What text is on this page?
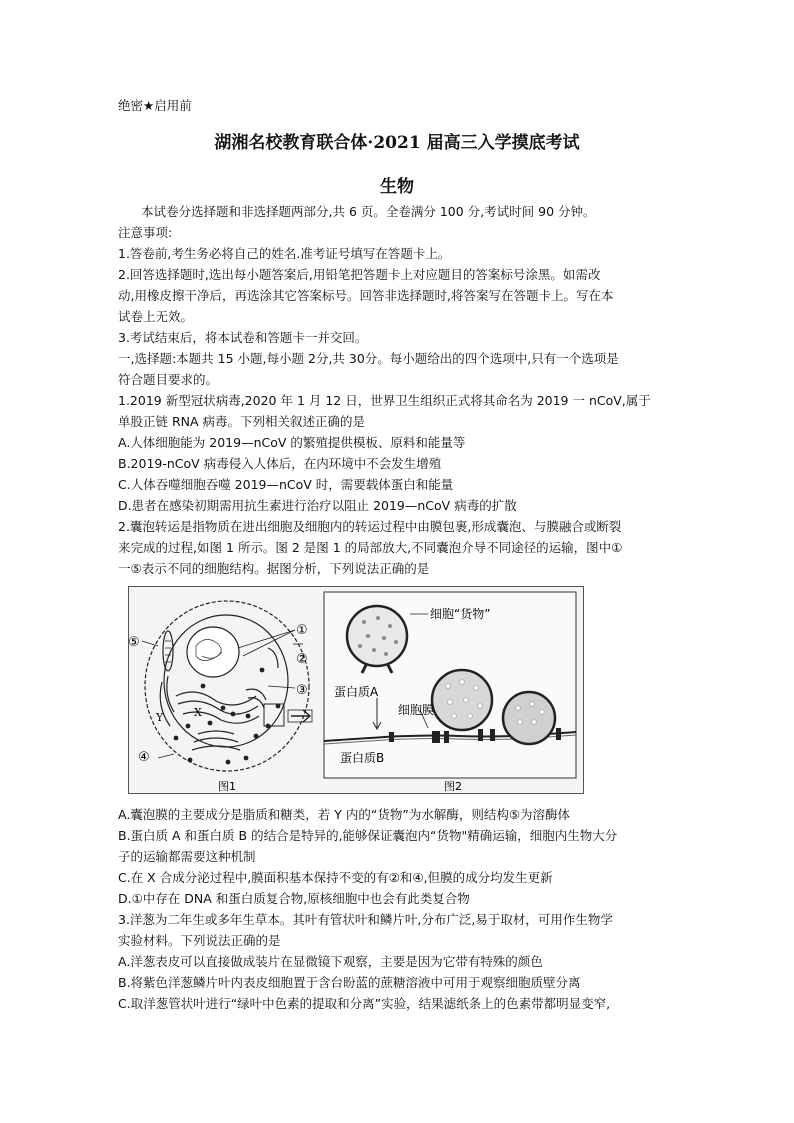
绝密★启用前
湖湘名校教育联合体·2021 届高三入学摸底考试
生物
本试卷分选择题和非选择题两部分,共 6 页。全卷满分 100 分,考试时间 90 分钟。
注意事项:
1.答卷前,考生务必将自己的姓名.准考证号填写在答题卡上。
2.回答选择题时,选出每小题答案后,用铅笔把答题卡上对应题目的答案标号涂黑。如需改
动,用橡皮擦干净后，再选涂其它答案标号。回答非选择题时,将答案写在答题卡上。写在本
试卷上无效。
3.考试结束后，将本试卷和答题卡一并交回。
一,选择题:本题共 15 小题,每小题 2分,共 30分。每小题给出的四个选项中,只有一个选项是
符合题目要求的。
1.2019 新型冠状病毒,2020 年 1 月 12 日，世界卫生组织正式将其命名为 2019 一 nCoV,属于
单股正链 RNA 病毒。下列相关叙述正确的是
A.人体细胞能为 2019—nCoV 的繁殖提供模板、原料和能量等
B.2019-nCoV 病毒侵入人体后，在内环境中不会发生增殖
C.人体吞噬细胞吞噬 2019—nCoV 时，需要载体蛋白和能量
D.患者在感染初期需用抗生素进行治疗以阻止 2019—nCoV 病毒的扩散
2.囊泡转运是指物质在进出细胞及细胞内的转运过程中由膜包裹,形成囊泡、与膜融合或断裂
来完成的过程,如图 1 所示。图 2 是图 1 的局部放大,不同囊泡介导不同途径的运输，图中①
一⑤表示不同的细胞结构。据图分析，下列说法正确的是
①
②
③
④
⑤
X
Y
图1
细胞“货物”
蛋白质A
细胞膜
蛋白质B
图2
A.囊泡膜的主要成分是脂质和糖类，若 Y 内的“货物”为水解酶，则结构⑤为溶酶体
B.蛋白质 A 和蛋白质 B 的结合是特异的,能够保证囊泡内“货物"精确运输，细胞内生物大分
子的运输都需要这种机制
C.在 X 合成分泌过程中,膜面积基本保持不变的有②和④,但膜的成分均发生更新
D.①中存在 DNA 和蛋白质复合物,原核细胞中也会有此类复合物
3.洋葱为二年生或多年生草本。其叶有管状叶和鳞片叶,分布广泛,易于取材，可用作生物学
实验材料。下列说法正确的是
A.洋葱表皮可以直接做成装片在显微镜下观察，主要是因为它带有特殊的颜色
B.将紫色洋葱鳞片叶内表皮细胞置于含台盼蓝的蔗糖溶液中可用于观察细胞质壁分离
C.取洋葱管状叶进行“绿叶中色素的提取和分离”实验，结果滤纸条上的色素带都明显变窄,
